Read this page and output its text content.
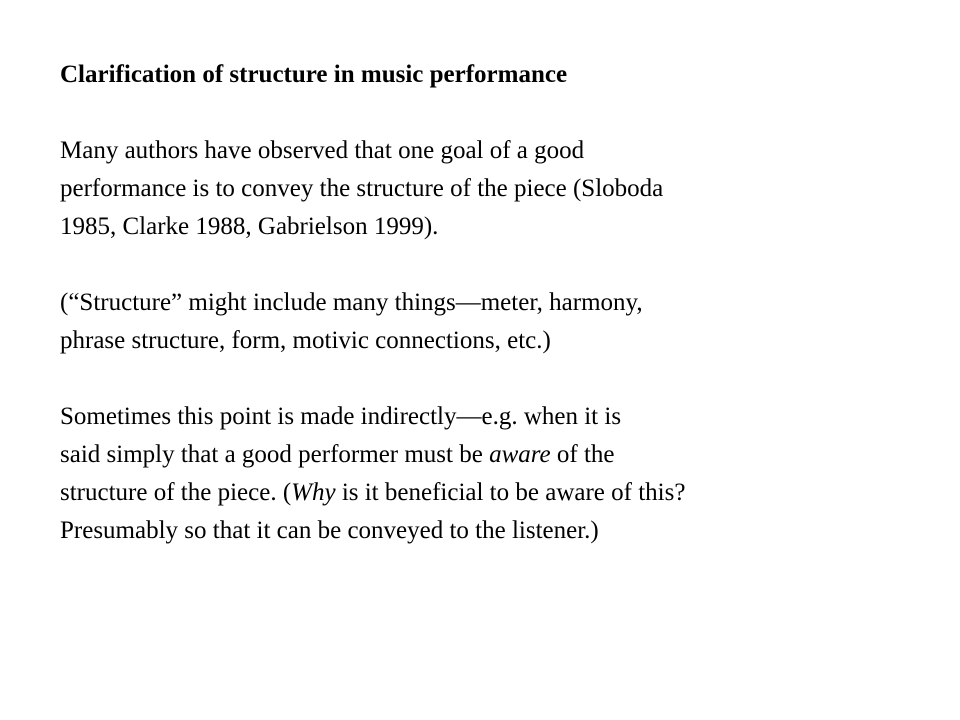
Clarification of structure in music performance
Many authors have observed that one goal of a good
performance is to convey the structure of the piece (Sloboda
1985, Clarke 1988, Gabrielson 1999).
(“Structure” might include many things—meter, harmony,
phrase structure, form, motivic connections, etc.)
Sometimes this point is made indirectly—e.g. when it is
said simply that a good performer must be aware of the
structure of the piece. (Why is it beneficial to be aware of this?
Presumably so that it can be conveyed to the listener.)
